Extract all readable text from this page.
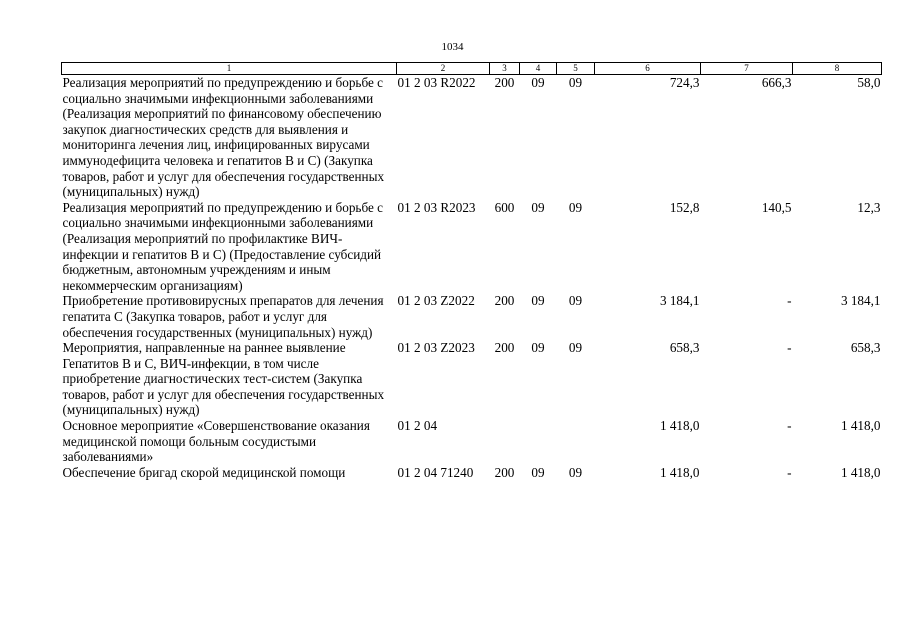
1034
1	2	3	4	5	6	7	8
Реализация мероприятий по предупреждению и борьбе с социально значимыми инфекционными заболеваниями (Реализация мероприятий по финансовому обеспечению закупок диагностических средств для выявления и мониторинга лечения лиц, инфицированных вирусами иммунодефицита человека и гепатитов В и С) (Закупка товаров, работ и услуг для обеспечения государственных (муниципальных) нужд)	01 2 03 R2022	200	09	09	724,3	666,3	58,0
Реализация мероприятий по предупреждению и борьбе с социально значимыми инфекционными заболеваниями (Реализация мероприятий по профилактике ВИЧ-инфекции и гепатитов В и С) (Предоставление субсидий бюджетным, автономным учреждениям и иным некоммерческим организациям)	01 2 03 R2023	600	09	09	152,8	140,5	12,3
Приобретение противовирусных препаратов для лечения гепатита С (Закупка товаров, работ и услуг для обеспечения государственных (муниципальных) нужд)	01 2 03 Z2022	200	09	09	3 184,1	-	3 184,1
Мероприятия, направленные на раннее выявление Гепатитов В и С, ВИЧ-инфекции, в том числе приобретение диагностических тест-систем (Закупка товаров, работ и услуг для обеспечения государственных (муниципальных) нужд)	01 2 03 Z2023	200	09	09	658,3	-	658,3
Основное мероприятие «Совершенствование оказания медицинской помощи больным сосудистыми заболеваниями»	01 2 04				1 418,0	-	1 418,0
Обеспечение бригад скорой медицинской помощи	01 2 04 71240	200	09	09	1 418,0	-	1 418,0
